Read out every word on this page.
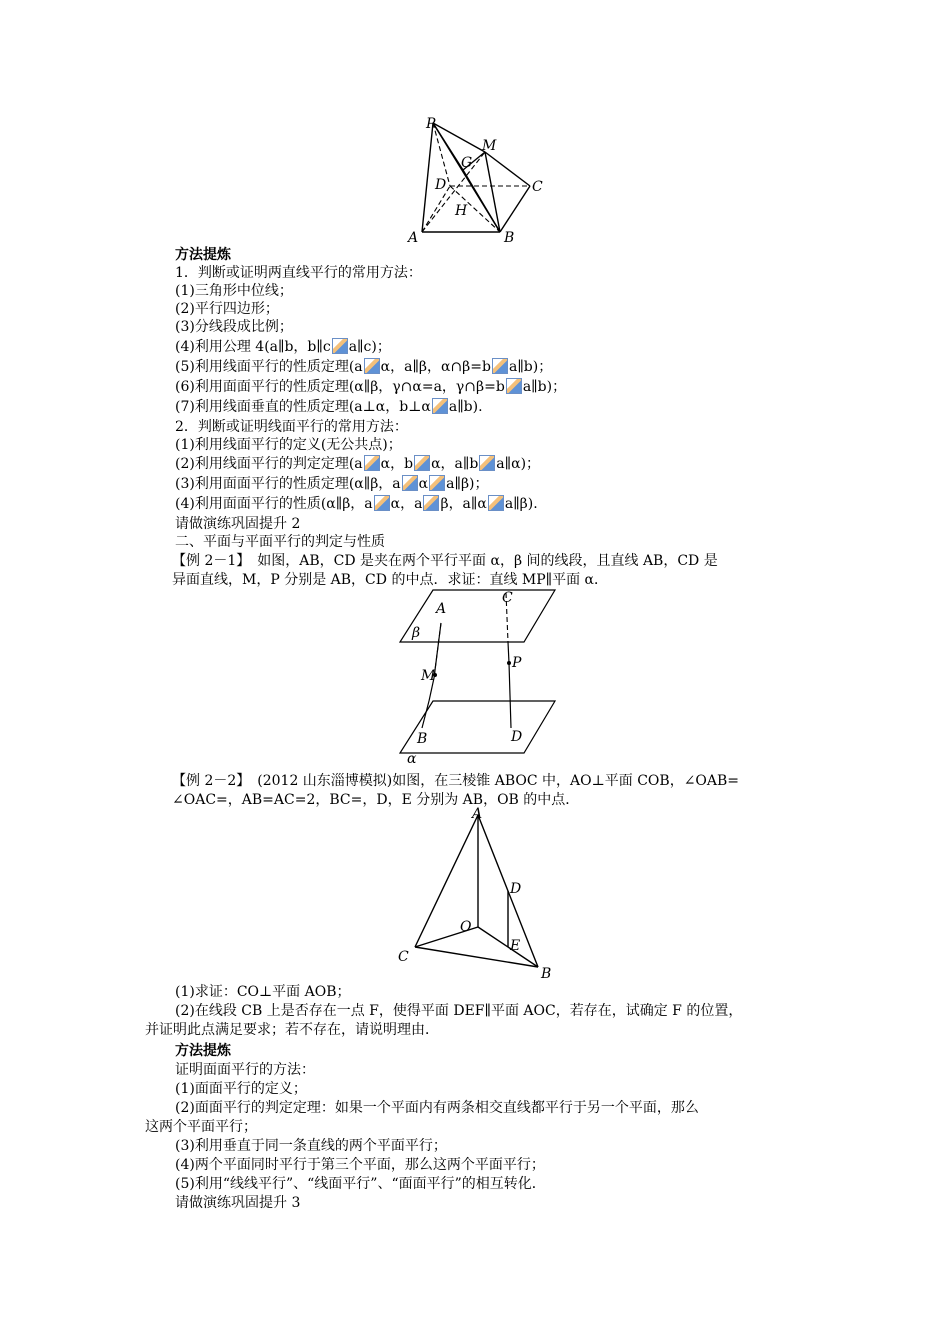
P
M
G
D	C
H
A	B
方法提炼
1．判断或证明两直线平行的常用方法：
(1)三角形中位线；
(2)平行四边形；
(3)分线段成比例；
(4)利用公理 4(a∥b，b∥c a∥c)；
(5)利用线面平行的性质定理(a α，a∥β，α∩β=b a∥b)；
(6)利用面面平行的性质定理(α∥β，γ∩α=a，γ∩β=b a∥b)；
(7)利用线面垂直的性质定理(a⊥α，b⊥α a∥b).
2．判断或证明线面平行的常用方法：
(1)利用线面平行的定义(无公共点)；
(2)利用线面平行的判定定理(a α，b α，a∥b a∥α)；
(3)利用面面平行的性质定理(α∥β，a α a∥β)；
(4)利用面面平行的性质(α∥β，a α，a β，a∥α a∥β).
请做演练巩固提升 2
二、平面与平面平行的判定与性质
【例 2－1】　如图，AB，CD 是夹在两个平行平面 α，β 间的线段，且直线 AB，CD 是
异面直线，M，P 分别是 AB，CD 的中点．求证：直线 MP∥平面 α．
A
C
β
M
P
B	D
α
【例 2－2】　(2012 山东淄博模拟)如图，在三棱锥 ABOC 中，AO⊥平面 COB，∠OAB=
∠OAC=，AB=AC=2，BC=，D，E 分别为 AB，OB 的中点．
A
D
O
E
C
B
(1)求证：CO⊥平面 AOB；
(2)在线段 CB 上是否存在一点 F，使得平面 DEF∥平面 AOC，若存在，试确定 F 的位置，
并证明此点满足要求；若不存在，请说明理由．
方法提炼
证明面面平行的方法：
(1)面面平行的定义；
(2)面面平行的判定定理：如果一个平面内有两条相交直线都平行于另一个平面，那么
这两个平面平行；
(3)利用垂直于同一条直线的两个平面平行；
(4)两个平面同时平行于第三个平面，那么这两个平面平行；
(5)利用“线线平行”、“线面平行”、“面面平行”的相互转化．
请做演练巩固提升 3
